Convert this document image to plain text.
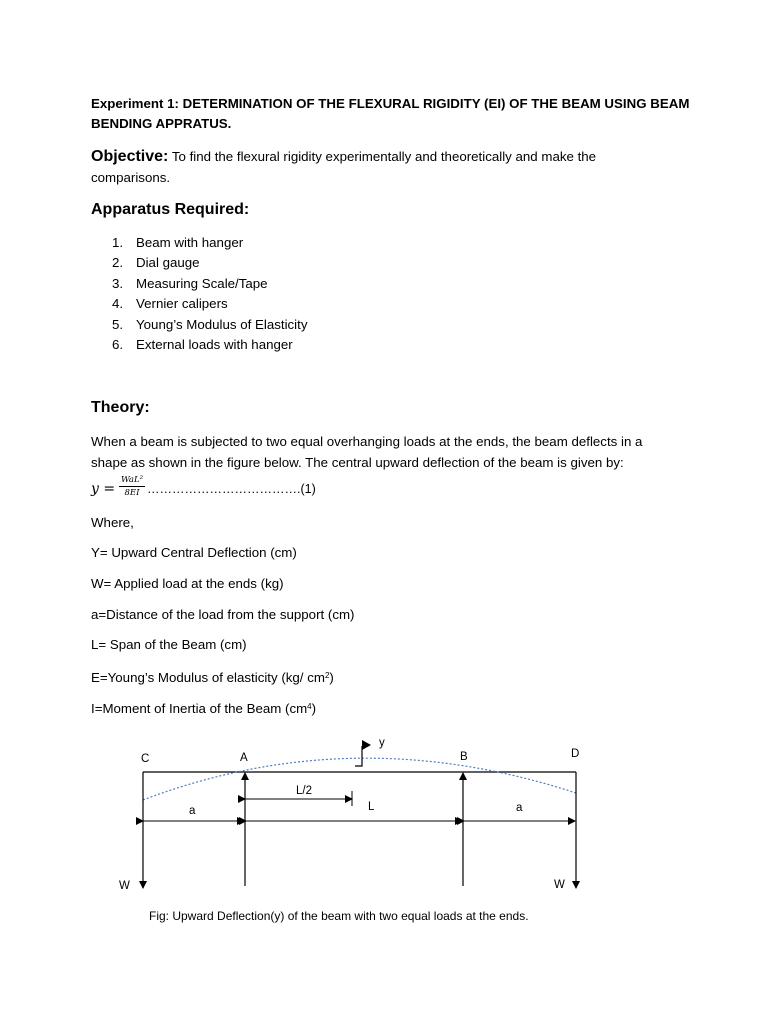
Experiment 1: DETERMINATION OF THE FLEXURAL RIGIDITY (EI) OF THE BEAM USING BEAM
BENDING APPRATUS.
Objective: To find the flexural rigidity experimentally and theoretically and make the
comparisons.
Apparatus Required:
1. Beam with hanger
2. Dial gauge
3. Measuring Scale/Tape
4. Vernier calipers
5. Young’s Modulus of Elasticity
6. External loads with hanger
Theory:
When a beam is subjected to two equal overhanging loads at the ends, the beam deflects in a
shape as shown in the figure below. The central upward deflection of the beam is given by:
y =
WaL²
8EI ……………………………….(1)
Where,
Y= Upward Central Deflection (cm)
W= Applied load at the ends (kg)
a=Distance of the load from the support (cm)
L= Span of the Beam (cm)
E=Young’s Modulus of elasticity (kg/ $cm^2$)
I=Moment of Inertia of the Beam $(cm^4)$
C	A	B	D
y
L/2
L
a	a
W	W
Fig: Upward Deflection(y) of the beam with two equal loads at the ends.
